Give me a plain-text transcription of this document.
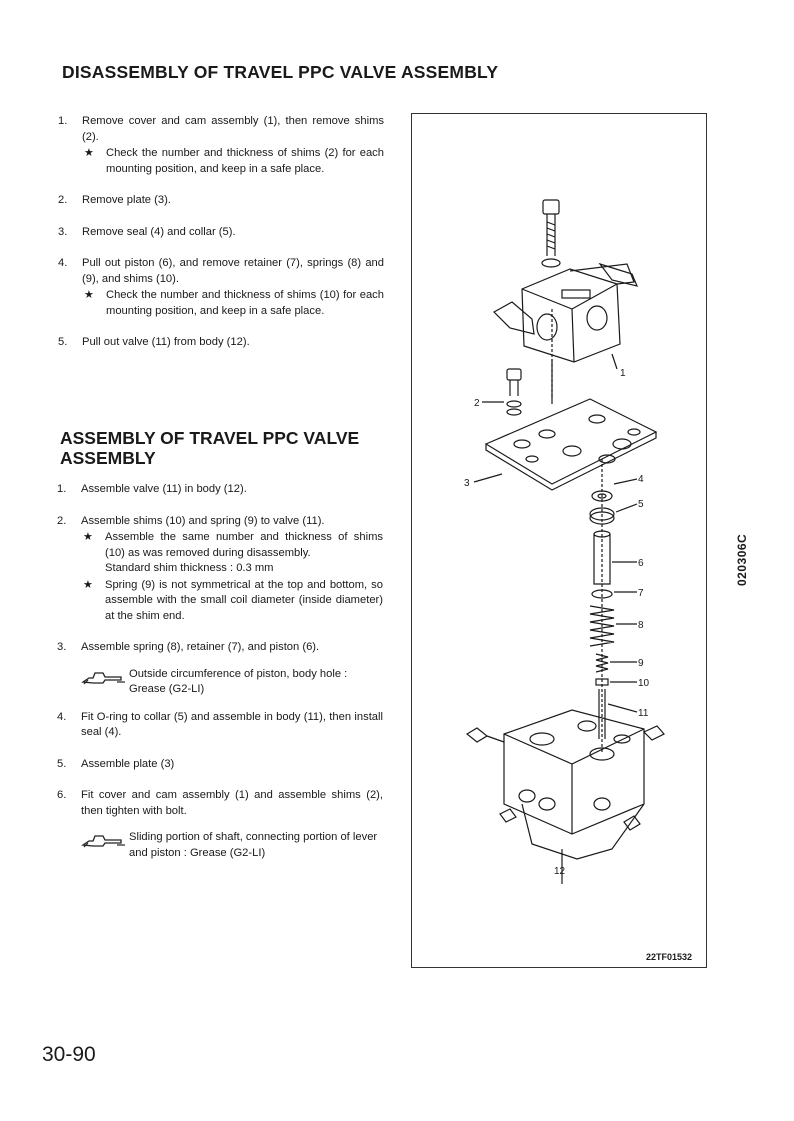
DISASSEMBLY OF TRAVEL PPC VALVE ASSEMBLY
1. Remove cover and cam assembly (1), then remove shims (2).
★ Check the number and thickness of shims (2) for each mounting position, and keep in a safe place.
2. Remove plate (3).
3. Remove seal (4) and collar (5).
4. Pull out piston (6), and remove retainer (7), springs (8) and (9), and shims (10).
★ Check the number and thickness of shims (10) for each mounting position, and keep in a safe place.
5. Pull out valve (11) from body (12).
ASSEMBLY OF TRAVEL PPC VALVE ASSEMBLY
1. Assemble valve (11) in body (12).
2. Assemble shims (10) and spring (9) to valve (11).
★ Assemble the same number and thickness of shims (10) as was removed during disassembly.
Standard shim thickness : 0.3 mm
★ Spring (9) is not symmetrical at the top and bottom, so assemble with the small coil diameter (inside diameter) at the shim end.
3. Assemble spring (8), retainer (7), and piston (6).
Outside circumference of piston, body hole : Grease (G2-LI)
4. Fit O-ring to collar (5) and assemble in body (11), then install seal (4).
5. Assemble plate (3)
6. Fit cover and cam assembly (1) and assemble shims (2), then tighten with bolt.
Sliding portion of shaft, connecting portion of lever and piston : Grease (G2-LI)
1
2
3	4
5
6
7
8
9
10
11
12
22TF01532
020306C
30-90
